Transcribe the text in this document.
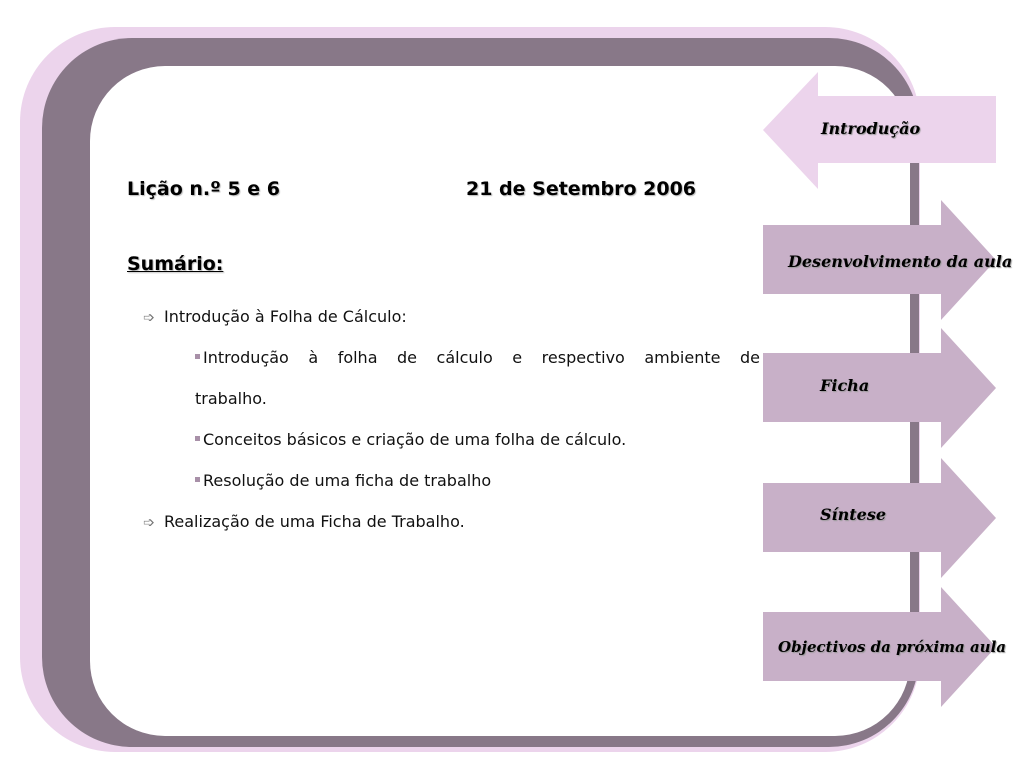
Lição n.º 5 e 6	21 de Setembro 2006
Sumário:
➩ Introdução à Folha de Cálculo:
Introdução à folha de cálculo e respectivo ambiente de
trabalho.
Conceitos básicos e criação de uma folha de cálculo.
Resolução de uma ficha de trabalho
➩ Realização de uma Ficha de Trabalho.
Introdução
Desenvolvimento da aula
Ficha
Síntese
Objectivos da próxima aula
